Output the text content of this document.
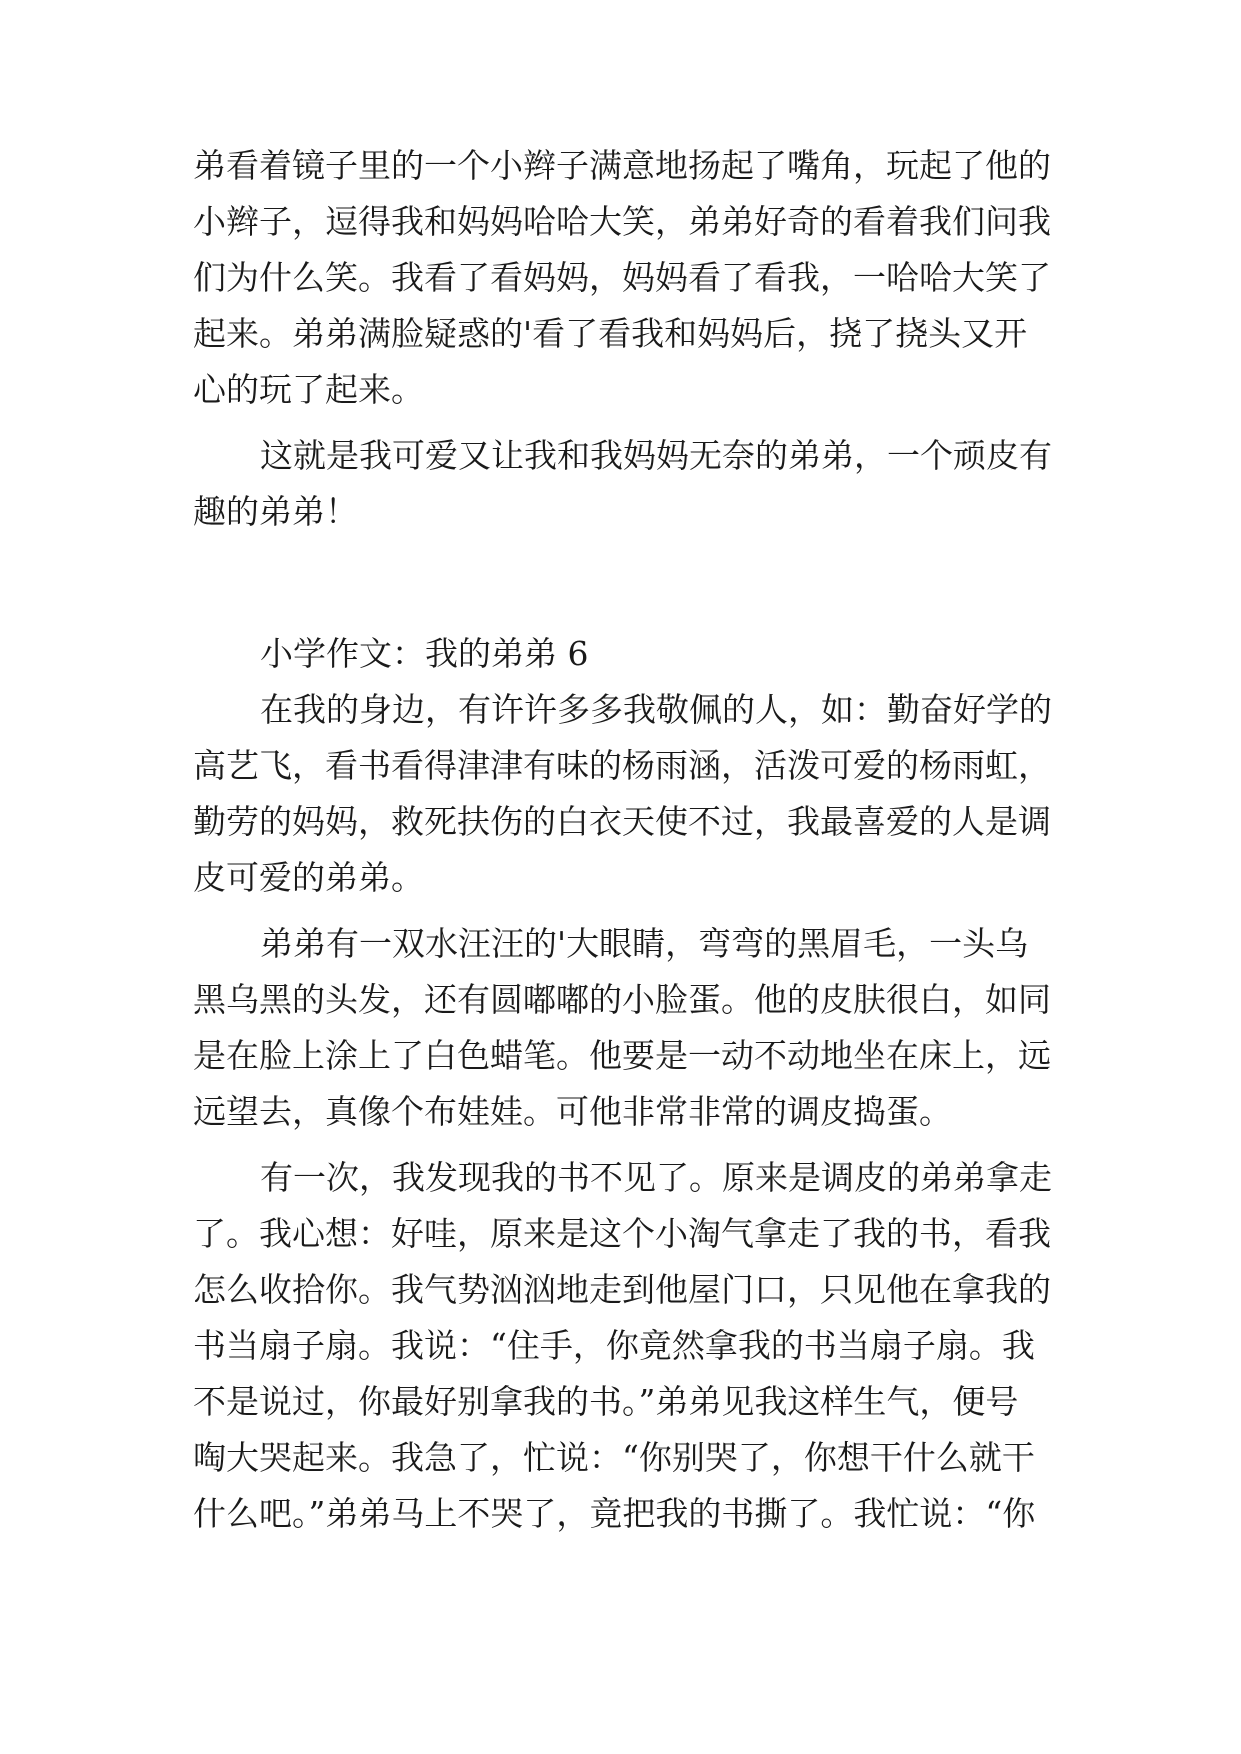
弟看着镜子里的一个小辫子满意地扬起了嘴角，玩起了他的
小辫子，逗得我和妈妈哈哈大笑，弟弟好奇的看着我们问我
们为什么笑。我看了看妈妈，妈妈看了看我，一哈哈大笑了
起来。弟弟满脸疑惑的'看了看我和妈妈后，挠了挠头又开
心的玩了起来。
这就是我可爱又让我和我妈妈无奈的弟弟，一个顽皮有
趣的弟弟！
小学作文：我的弟弟 6
在我的身边，有许许多多我敬佩的人，如：勤奋好学的
高艺飞，看书看得津津有味的杨雨涵，活泼可爱的杨雨虹，
勤劳的妈妈，救死扶伤的白衣天使不过，我最喜爱的人是调
皮可爱的弟弟。
弟弟有一双水汪汪的'大眼睛，弯弯的黑眉毛，一头乌
黑乌黑的头发，还有圆嘟嘟的小脸蛋。他的皮肤很白，如同
是在脸上涂上了白色蜡笔。他要是一动不动地坐在床上，远
远望去，真像个布娃娃。可他非常非常的调皮捣蛋。
有一次，我发现我的书不见了。原来是调皮的弟弟拿走
了。我心想：好哇，原来是这个小淘气拿走了我的书，看我
怎么收拾你。我气势汹汹地走到他屋门口，只见他在拿我的
书当扇子扇。我说：“住手，你竟然拿我的书当扇子扇。我
不是说过，你最好别拿我的书。”弟弟见我这样生气，便号
啕大哭起来。我急了，忙说：“你别哭了，你想干什么就干
什么吧。”弟弟马上不哭了，竟把我的书撕了。我忙说：“你
